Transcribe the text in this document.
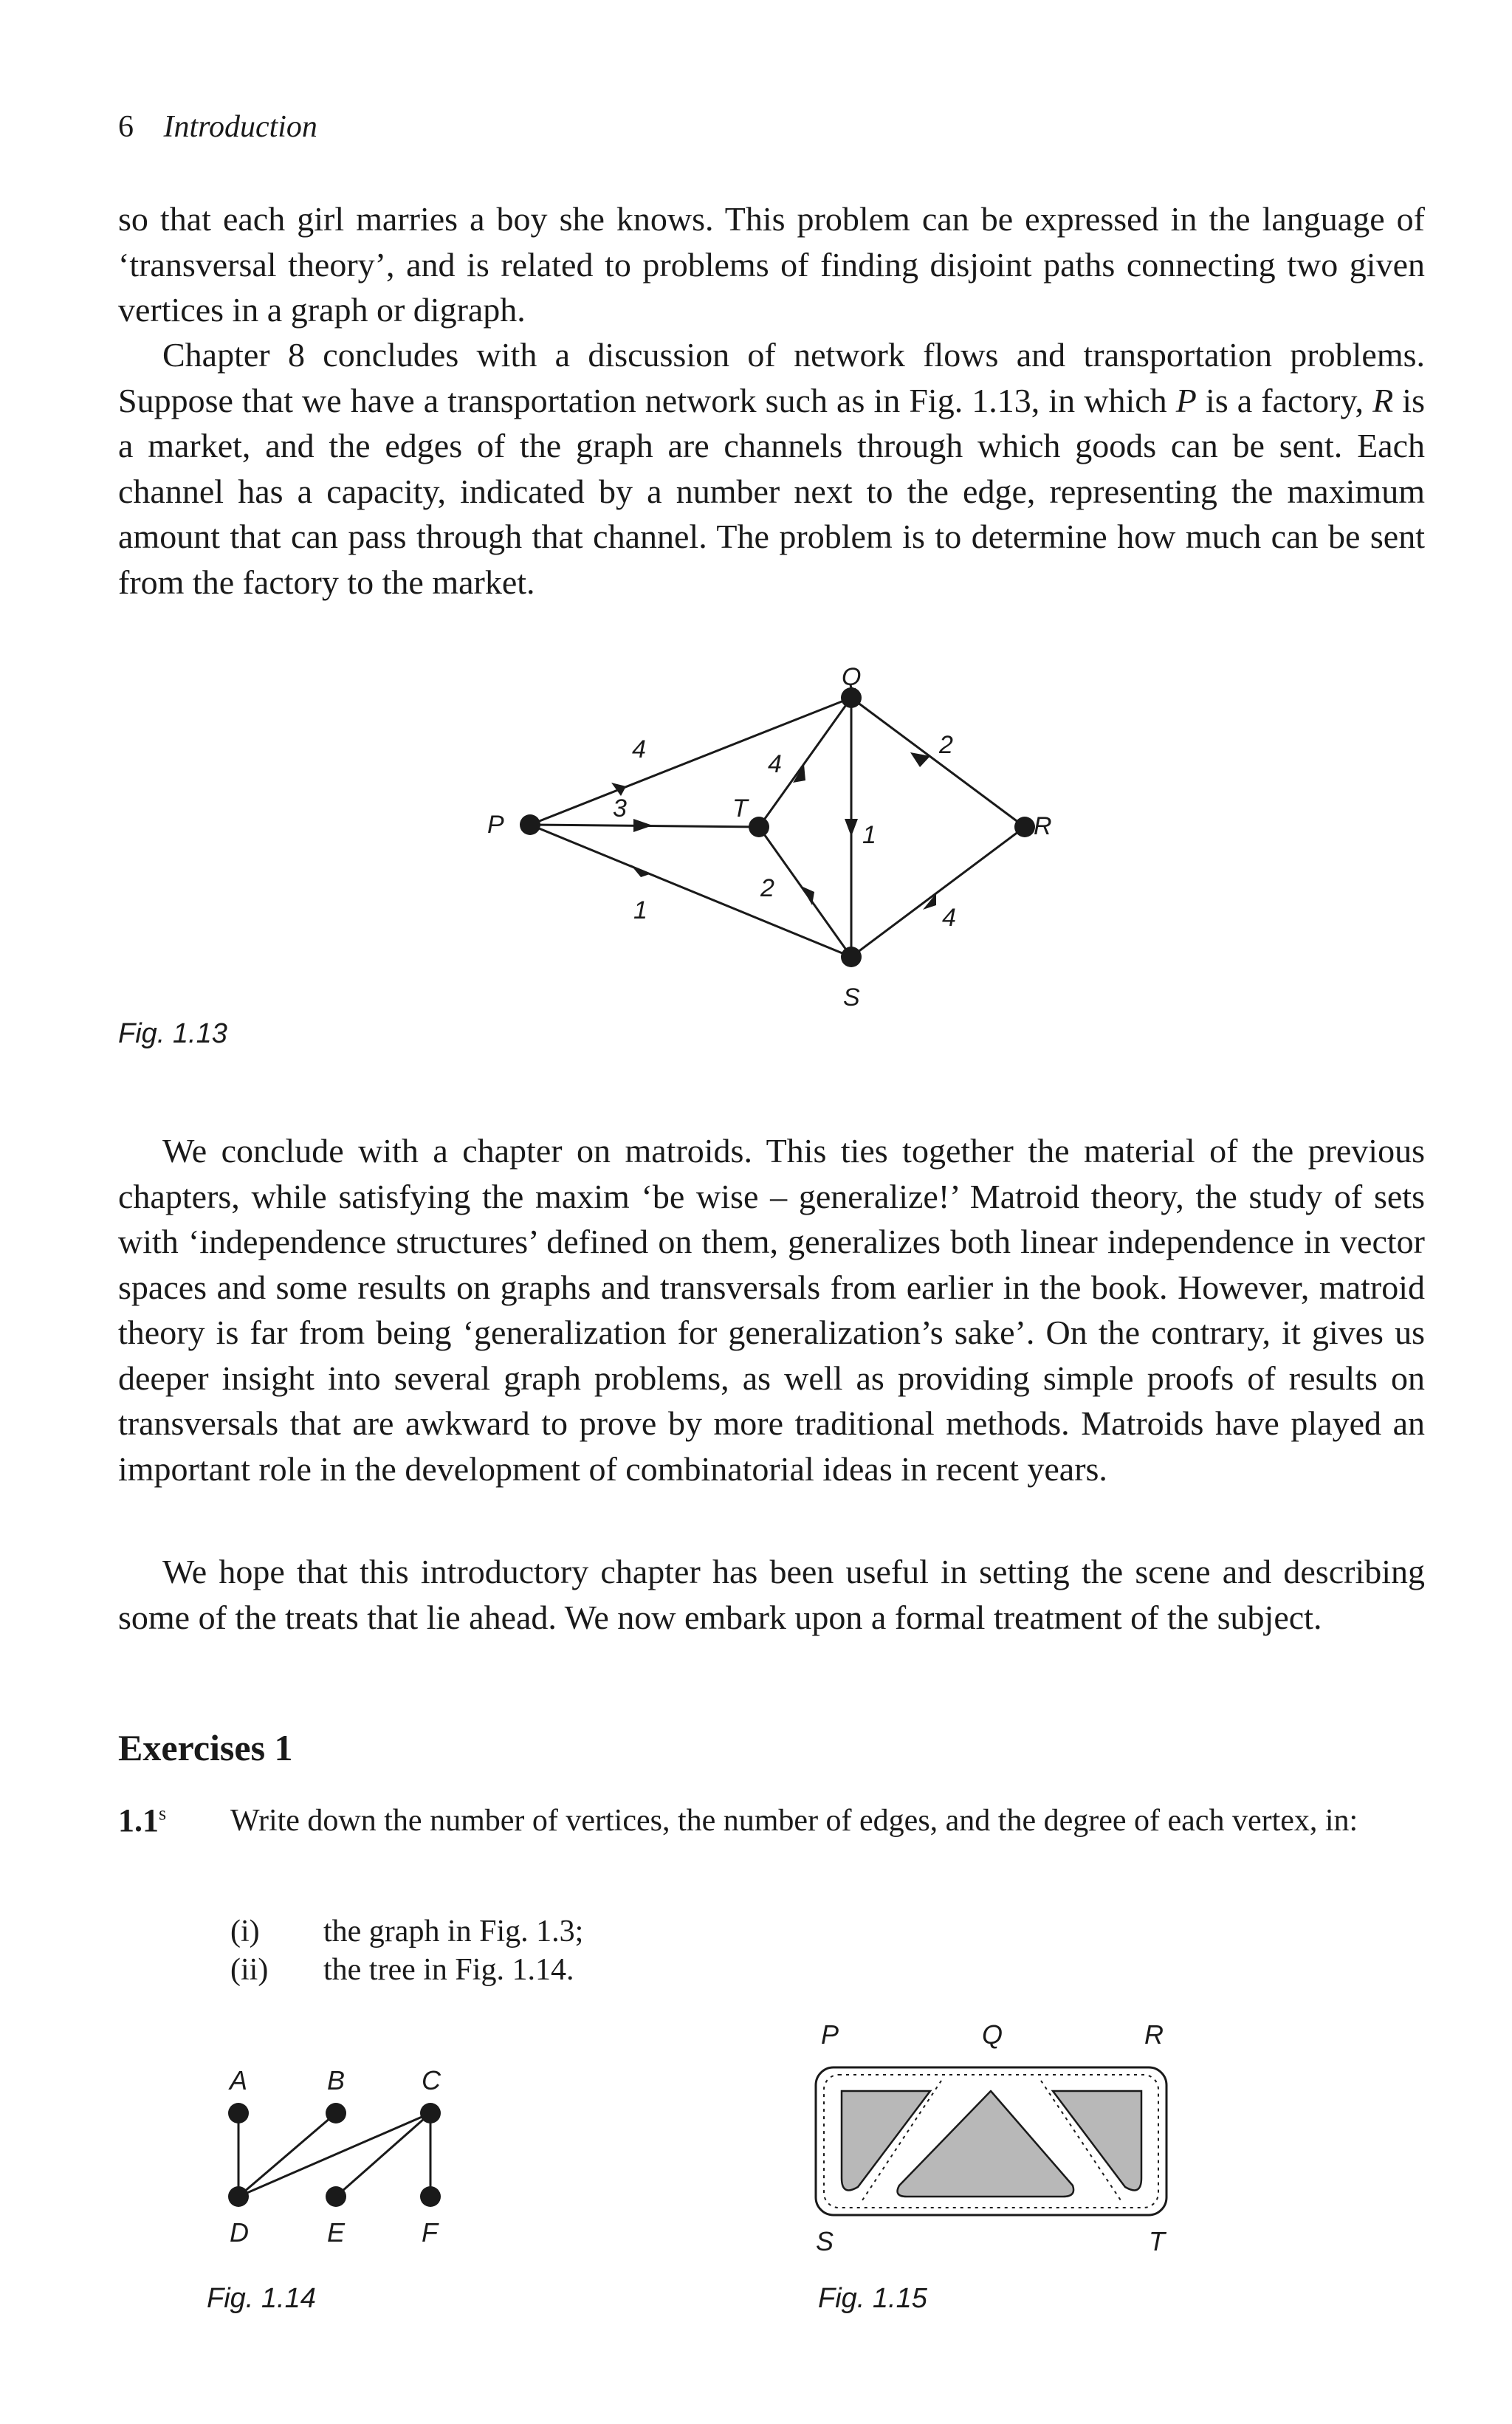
6 Introduction

so that each girl marries a boy she knows. This problem can be expressed in the language of ‘transversal theory’, and is related to problems of finding disjoint paths connecting two given vertices in a graph or digraph.

Chapter 8 concludes with a discussion of network flows and transportation problems. Suppose that we have a transportation network such as in Fig. 1.13, in which P is a factory, R is a market, and the edges of the graph are channels through which goods can be sent. Each channel has a capacity, indicated by a number next to the edge, representing the maximum amount that can pass through that channel. The problem is to determine how much can be sent from the factory to the market.

P
T
Q
S
R
4
3
1
4
2
1
2
4
Fig. 1.13

We conclude with a chapter on matroids. This ties together the material of the previous chapters, while satisfying the maxim ‘be wise – generalize!’ Matroid theory, the study of sets with ‘independence structures’ defined on them, generalizes both linear independence in vector spaces and some results on graphs and transversals from earlier in the book. However, matroid theory is far from being ‘generalization for generalization’s sake’. On the contrary, it gives us deeper insight into several graph problems, as well as providing simple proofs of results on transversals that are awkward to prove by more traditional methods. Matroids have played an important role in the development of combinatorial ideas in recent years.

We hope that this introductory chapter has been useful in setting the scene and describing some of the treats that lie ahead. We now embark upon a formal treatment of the subject.

Exercises 1
1.1$^s$ Write down the number of vertices, the number of edges, and the degree of each vertex, in:

(i) the graph in Fig. 1.3;
(ii) the tree in Fig. 1.14.
A	B	C
D	E	F
Fig. 1.14
P	Q	R
S	T
Fig. 1.15
